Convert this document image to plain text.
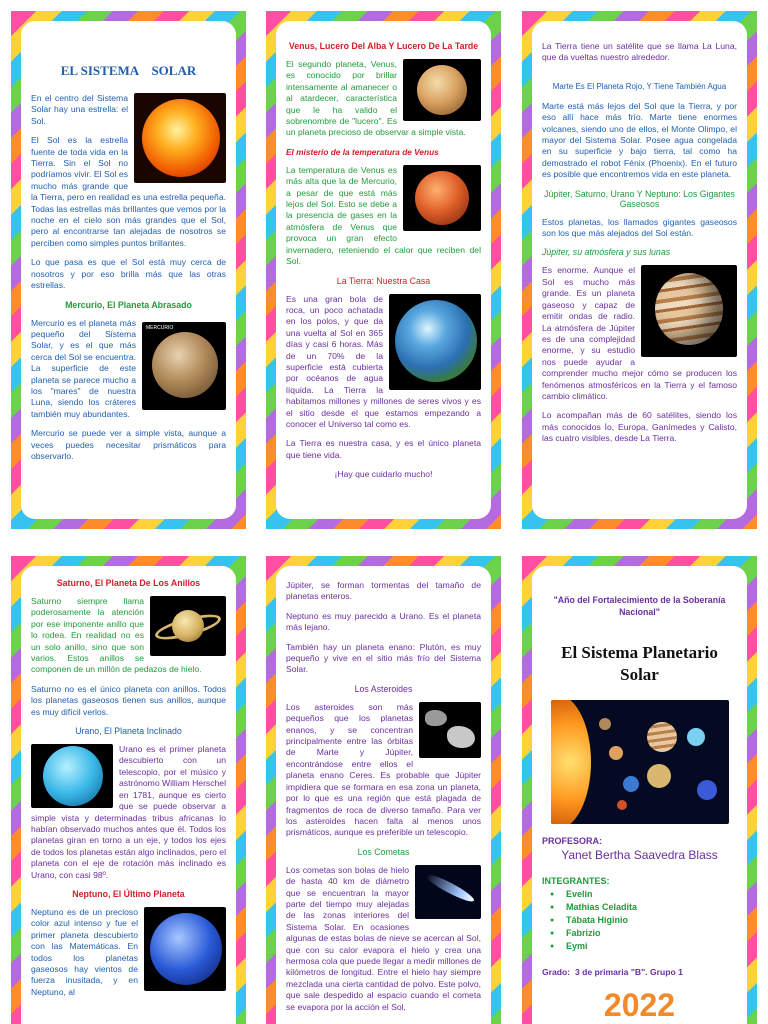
EL SISTEMA    SOLAR

En el centro del Sistema Solar hay una estrella: el Sol.

El Sol es la estrella fuente de toda vida en la Tierra. Sin el Sol no podríamos vivir. El Sol es mucho más grande que la Tierra, pero en realidad es una estrella pequeña. Todas las estrellas más brillantes que vemos por la noche en el cielo son más grandes que el Sol, pero al encontrarse tan alejadas de nosotros se perciben como simples puntos brillantes.

Lo que pasa es que el Sol está muy cerca de nosotros y por eso brilla más que las otras estrellas.

Mercurio, El Planeta Abrasado
MERCURIO

Mercurio es el planeta más pequeño del Sistema Solar, y es el que más cerca del Sol se encuentra. La superficie de este planeta se parece mucho a los "mares" de nuestra Luna, siendo los cráteres también muy abundantes.

Mercurio se puede ver a simple vista, aunque a veces puedes necesitar prismáticos para observarlo.

Venus, Lucero Del Alba Y Lucero De La Tarde

El segundo planeta, Venus, es conocido por brillar intensamente al amanecer o al atardecer, característica que le ha valido el sobrenombre de "lucero". Es un planeta precioso de observar a simple vista.

El misterio de la temperatura de Venus

La temperatura de Venus es más alta que la de Mercurio, a pesar de que está más lejos del Sol. Esto se debe a la presencia de gases en la atmósfera de Venus que provoca un gran efecto invernadero, reteniendo el calor que reciben del Sol.

La Tierra: Nuestra Casa

Es una gran bola de roca, un poco achatada en los polos, y que da una vuelta al Sol en 365 días y casi 6 horas. Más de un 70% de la superficie está cubierta por océanos de agua líquida. La Tierra la habitamos millones y millones de seres vivos y es el sitio desde el que estamos empezando a conocer el Universo tal como es.

La Tierra es nuestra casa, y es el único planeta que tiene vida.

¡Hay que cuidarlo mucho!

La Tierra tiene un satélite que se llama La Luna, que da vueltas nuestro alrededor.

Marte Es El Planeta Rojo, Y Tiene También Agua

Marte está más lejos del Sol que la Tierra, y por eso allí hace más frío. Marte tiene enormes volcanes, siendo uno de ellos, el Monte Olimpo, el mayor del Sistema Solar. Posee agua congelada en su superficie y bajo tierra, tal como ha demostrado el robot Fénix (Phoenix). En el futuro es posible que encontremos vida en este planeta.

Júpiter, Saturno, Urano Y Neptuno: Los Gigantes Gaseosos

Estos planetas, los llamados gigantes gaseosos son los que más alejados del Sol están.

Júpiter, su atmósfera y sus lunas

Es enorme. Aunque el Sol es mucho más grande. Es un planeta gaseoso y capaz de emitir ondas de radio. La atmósfera de Júpiter es de una complejidad enorme, y su estudio nos puede ayudar a comprender mucho mejor cómo se producen los fenómenos atmosféricos en la Tierra y el famoso cambio climático.

Lo acompañan más de 60 satélites, siendo los más conocidos Ío, Europa, Ganímedes y Calisto, las cuatro visibles, desde La Tierra.

Saturno, El Planeta De Los Anillos

Saturno siempre llama poderosamente la atención por ese imponente anillo que lo rodea. En realidad no es un solo anillo, sino que son varios. Estos anillos se componen de un millón de pedazos de hielo.

Saturno no es el único planeta con anillos. Todos los planetas gaseosos tienen sus anillos, aunque es muy difícil verlos.

Urano, El Planeta Inclinado

Urano es el primer planeta descubierto con un telescopio, por el músico y astrónomo William Herschel en 1781, aunque es cierto que se puede observar a simple vista y determinadas tribus africanas lo habían observado muchos antes que él. Todos los planetas giran en torno a un eje, y todos los ejes de todos los planetas están algo inclinados, pero el planeta con el eje de rotación más inclinado es Urano, con casi 98º.

Neptuno, El Último Planeta

Neptuno es de un precioso color azul intenso y fue el primer planeta descubierto con las Matemáticas. En todos los planetas gaseosos hay vientos de fuerza inusitada, y en Neptuno, al

Júpiter, se forman tormentas del tamaño de planetas enteros.

Neptuno es muy parecido a Urano. Es el planeta más lejano.

También hay un planeta enano: Plutón, es muy pequeño y vive en el sitio más frío del Sistema Solar.

Los Asteroides

Los asteroides son más pequeños que los planetas enanos, y se concentran principalmente entre las órbitas de Marte y Júpiter, encontrándose entre ellos el planeta enano Ceres. Es probable que Júpiter impidiera que se formara en esa zona un planeta, por lo que es una región que está plagada de fragmentos de roca de diverso tamaño. Para ver los asteroides hacen falta al menos unos prismáticos, aunque es preferible un telescopio.

Los Cometas

Los cometas son bolas de hielo de hasta 40 km de diámetro que se encuentran la mayor parte del tiempo muy alejadas de las zonas interiores del Sistema Solar. En ocasiones algunas de estas bolas de nieve se acercan al Sol, que con su calor evapora el hielo y crea una hermosa cola que puede llegar a medir millones de kilómetros de longitud. Entre el hielo hay siempre mezclada una cierta cantidad de polvo. Este polvo, que sale despedido al espacio cuando el cometa se evapora por la acción el Sol,

"Año del Fortalecimiento de la Soberanía Nacional"
El Sistema Planetario Solar
PROFESORA:
Yanet Bertha Saavedra Blass
INTEGRANTES:
● Evelin
● Mathias Celadita
● Tábata Higinio
● Fabrizio
● Eymi
Grado:  3 de primaria "B". Grupo 1
2022
